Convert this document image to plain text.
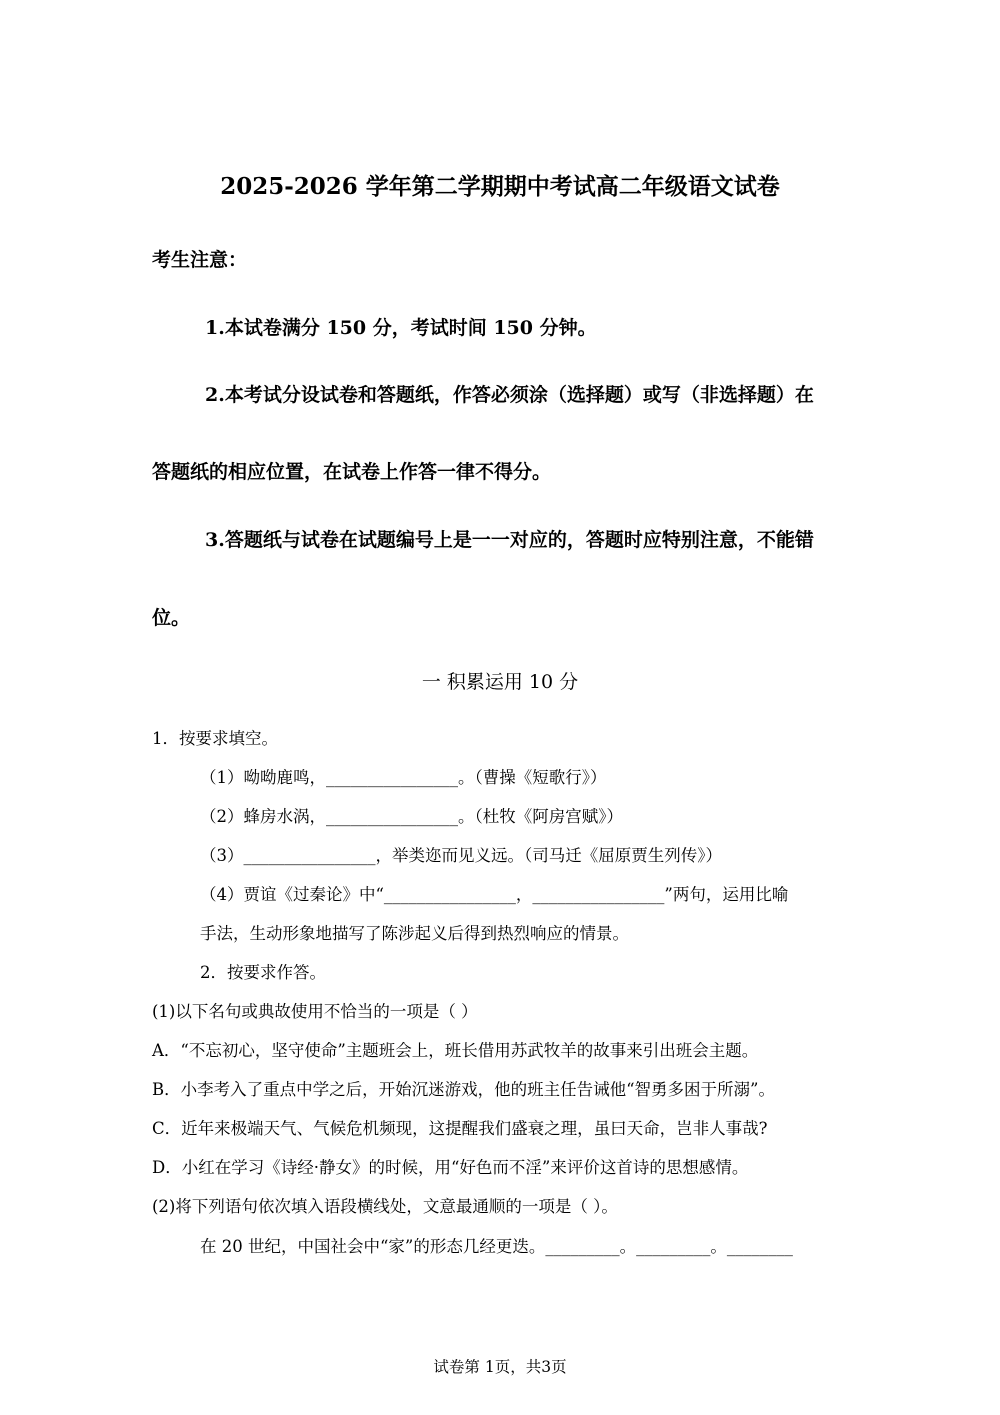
2025-2026 学年第二学期期中考试高二年级语文试卷
考生注意：
1.本试卷满分 150 分，考试时间 150 分钟。
2.本考试分设试卷和答题纸，作答必须涂（选择题）或写（非选择题）在
答题纸的相应位置，在试卷上作答一律不得分。
3.答题纸与试卷在试题编号上是一一对应的，答题时应特别注意，不能错
位。
一 积累运用 10 分
1．按要求填空。
（1）呦呦鹿鸣，________________。（曹操《短歌行》）
（2）蜂房水涡，________________。（杜牧《阿房宫赋》）
（3）________________，举类迩而见义远。（司马迁《屈原贾生列传》）
（4）贾谊《过秦论》中“________________，________________”两句，运用比喻
手法，生动形象地描写了陈涉起义后得到热烈响应的情景。
2．按要求作答。
(1)以下名句或典故使用不恰当的一项是（ ）
A．“不忘初心，坚守使命”主题班会上，班长借用苏武牧羊的故事来引出班会主题。
B．小李考入了重点中学之后，开始沉迷游戏，他的班主任告诫他“智勇多困于所溺”。
C．近年来极端天气、气候危机频现，这提醒我们盛衰之理，虽曰天命，岂非人事哉?
D．小红在学习《诗经·静女》的时候，用“好色而不淫”来评价这首诗的思想感情。
(2)将下列语句依次填入语段横线处，文意最通顺的一项是（ ）。
在 20 世纪，中国社会中“家”的形态几经更迭。_________。_________。________
试卷第 1页，共3页
